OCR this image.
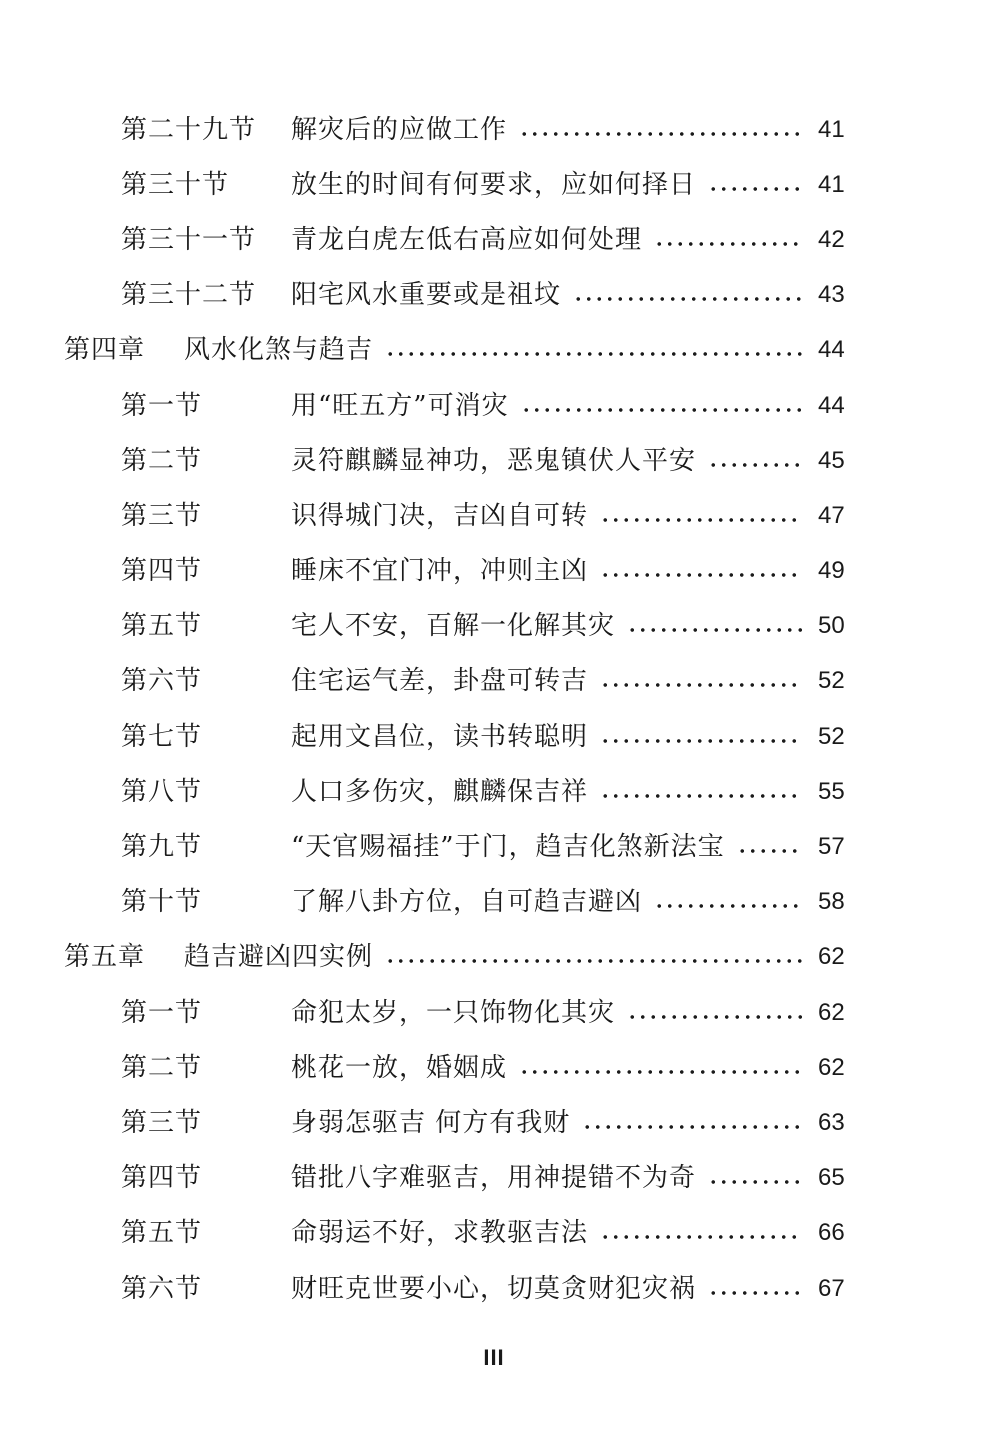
第二十九节	解灾后的应做工作	41
第三十节	放生的时间有何要求，应如何择日	41
第三十一节	青龙白虎左低右高应如何处理	42
第三十二节	阳宅风水重要或是祖坟	43
第四章	风水化煞与趋吉	44
第一节	用“旺五方”可消灾	44
第二节	灵符麒麟显神功，恶鬼镇伏人平安	45
第三节	识得城门决，吉凶自可转	47
第四节	睡床不宜门冲，冲则主凶	49
第五节	宅人不安，百解一化解其灾	50
第六节	住宅运气差，卦盘可转吉	52
第七节	起用文昌位，读书转聪明	52
第八节	人口多伤灾，麒麟保吉祥	55
第九节	“天官赐福挂”于门，趋吉化煞新法宝	57
第十节	了解八卦方位，自可趋吉避凶	58
第五章	趋吉避凶四实例	62
第一节	命犯太岁，一只饰物化其灾	62
第二节	桃花一放，婚姻成	62
第三节	身弱怎驱吉 何方有我财	63
第四节	错批八字难驱吉，用神提错不为奇	65
第五节	命弱运不好，求教驱吉法	66
第六节	财旺克世要小心，切莫贪财犯灾祸	67
III
